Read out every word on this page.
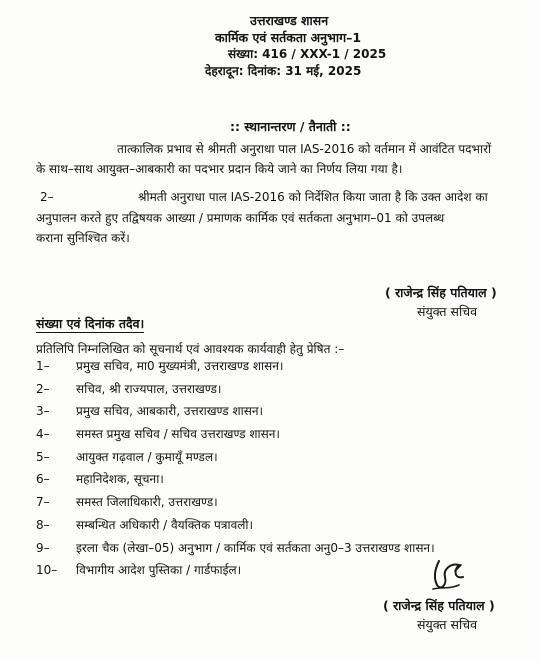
उत्तराखण्ड शासन
कार्मिक एवं सर्तकता अनुभाग–1
संख्या: 416 / XXX-1 / 2025
देहरादून: दिनांक: 31 मई, 2025
:: स्थानान्तरण / तैनाती ::
तात्कालिक प्रभाव से श्रीमती अनुराधा पाल IAS-2016 को वर्तमान में आवंटित पदभारों
के साथ–साथ आयुक्त–आबकारी का पदभार प्रदान किये जाने का निर्णय लिया गया है।
2–	श्रीमती अनुराधा पाल IAS-2016 को निर्देशित किया जाता है कि उक्त आदेश का
अनुपालन करते हुए तद्विषयक आख्या / प्रमाणक कार्मिक एवं सर्तकता अनुभाग–01 को उपलब्ध
कराना सुनिश्चित करें।
( राजेन्द्र सिंह पतियाल )
संयुक्त सचिव
संख्या एवं दिनांक तदैव।
प्रतिलिपि निम्नलिखित को सूचनार्थ एवं आवश्यक कार्यवाही हेतु प्रेषित :–
1–	प्रमुख सचिव, मा0 मुख्यमंत्री, उत्तराखण्ड शासन।
2–	सचिव, श्री राज्यपाल, उत्तराखण्ड।
3–	प्रमुख सचिव, आबकारी, उत्तराखण्ड शासन।
4–	समस्त प्रमुख सचिव / सचिव उत्तराखण्ड शासन।
5–	आयुक्त गढ़वाल / कुमायूँ मण्डल।
6–	महानिदेशक, सूचना।
7–	समस्त जिलाधिकारी, उत्तराखण्ड।
8–	सम्बन्धित अधिकारी / वैयक्तिक पत्रावली।
9–	इरला चैक (लेखा–05) अनुभाग / कार्मिक एवं सर्तकता अनु0–3 उत्तराखण्ड शासन।
10–	विभागीय आदेश पुस्तिका / गार्डफाईल।
( राजेन्द्र सिंह पतियाल )
संयुक्त सचिव
